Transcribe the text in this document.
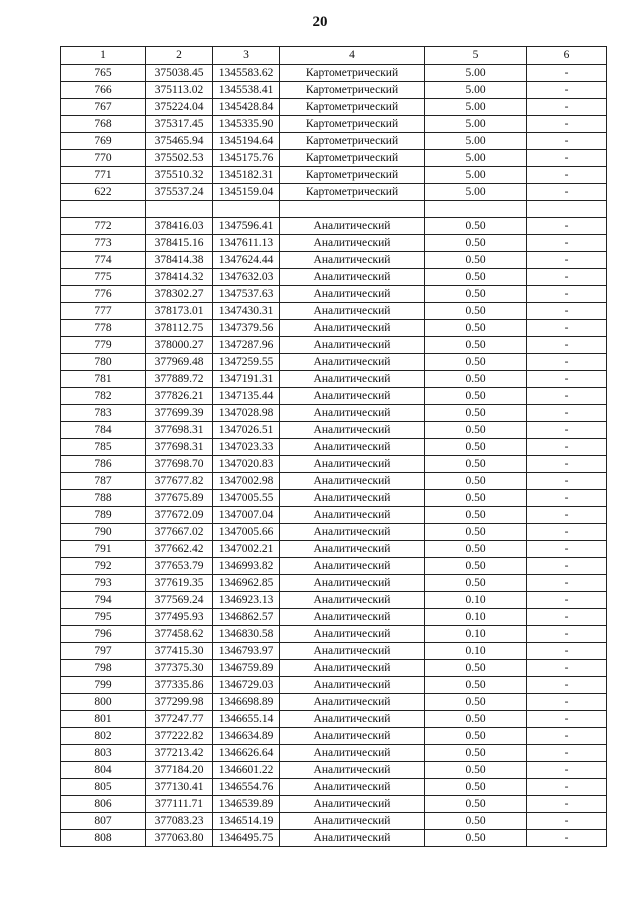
20
1	2	3	4	5	6
765	375038.45	1345583.62	Картометрический	5.00	-
766	375113.02	1345538.41	Картометрический	5.00	-
767	375224.04	1345428.84	Картометрический	5.00	-
768	375317.45	1345335.90	Картометрический	5.00	-
769	375465.94	1345194.64	Картометрический	5.00	-
770	375502.53	1345175.76	Картометрический	5.00	-
771	375510.32	1345182.31	Картометрический	5.00	-
622	375537.24	1345159.04	Картометрический	5.00	-

772	378416.03	1347596.41	Аналитический	0.50	-
773	378415.16	1347611.13	Аналитический	0.50	-
774	378414.38	1347624.44	Аналитический	0.50	-
775	378414.32	1347632.03	Аналитический	0.50	-
776	378302.27	1347537.63	Аналитический	0.50	-
777	378173.01	1347430.31	Аналитический	0.50	-
778	378112.75	1347379.56	Аналитический	0.50	-
779	378000.27	1347287.96	Аналитический	0.50	-
780	377969.48	1347259.55	Аналитический	0.50	-
781	377889.72	1347191.31	Аналитический	0.50	-
782	377826.21	1347135.44	Аналитический	0.50	-
783	377699.39	1347028.98	Аналитический	0.50	-
784	377698.31	1347026.51	Аналитический	0.50	-
785	377698.31	1347023.33	Аналитический	0.50	-
786	377698.70	1347020.83	Аналитический	0.50	-
787	377677.82	1347002.98	Аналитический	0.50	-
788	377675.89	1347005.55	Аналитический	0.50	-
789	377672.09	1347007.04	Аналитический	0.50	-
790	377667.02	1347005.66	Аналитический	0.50	-
791	377662.42	1347002.21	Аналитический	0.50	-
792	377653.79	1346993.82	Аналитический	0.50	-
793	377619.35	1346962.85	Аналитический	0.50	-
794	377569.24	1346923.13	Аналитический	0.10	-
795	377495.93	1346862.57	Аналитический	0.10	-
796	377458.62	1346830.58	Аналитический	0.10	-
797	377415.30	1346793.97	Аналитический	0.10	-
798	377375.30	1346759.89	Аналитический	0.50	-
799	377335.86	1346729.03	Аналитический	0.50	-
800	377299.98	1346698.89	Аналитический	0.50	-
801	377247.77	1346655.14	Аналитический	0.50	-
802	377222.82	1346634.89	Аналитический	0.50	-
803	377213.42	1346626.64	Аналитический	0.50	-
804	377184.20	1346601.22	Аналитический	0.50	-
805	377130.41	1346554.76	Аналитический	0.50	-
806	377111.71	1346539.89	Аналитический	0.50	-
807	377083.23	1346514.19	Аналитический	0.50	-
808	377063.80	1346495.75	Аналитический	0.50	-
